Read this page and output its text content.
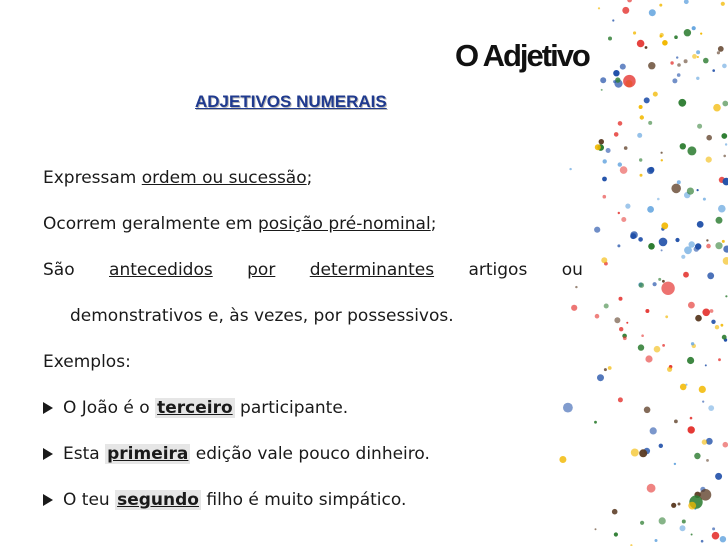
O Adjetivo
ADJETIVOS NUMERAIS
Expressam ordem ou sucessão;
Ocorrem geralmente em posição pré-nominal;
São antecedidos por determinantes artigos ou
demonstrativos e, às vezes, por possessivos.
Exemplos:
O João é o terceiro participante.
Esta primeira edição vale pouco dinheiro.
O teu segundo filho é muito simpático.
